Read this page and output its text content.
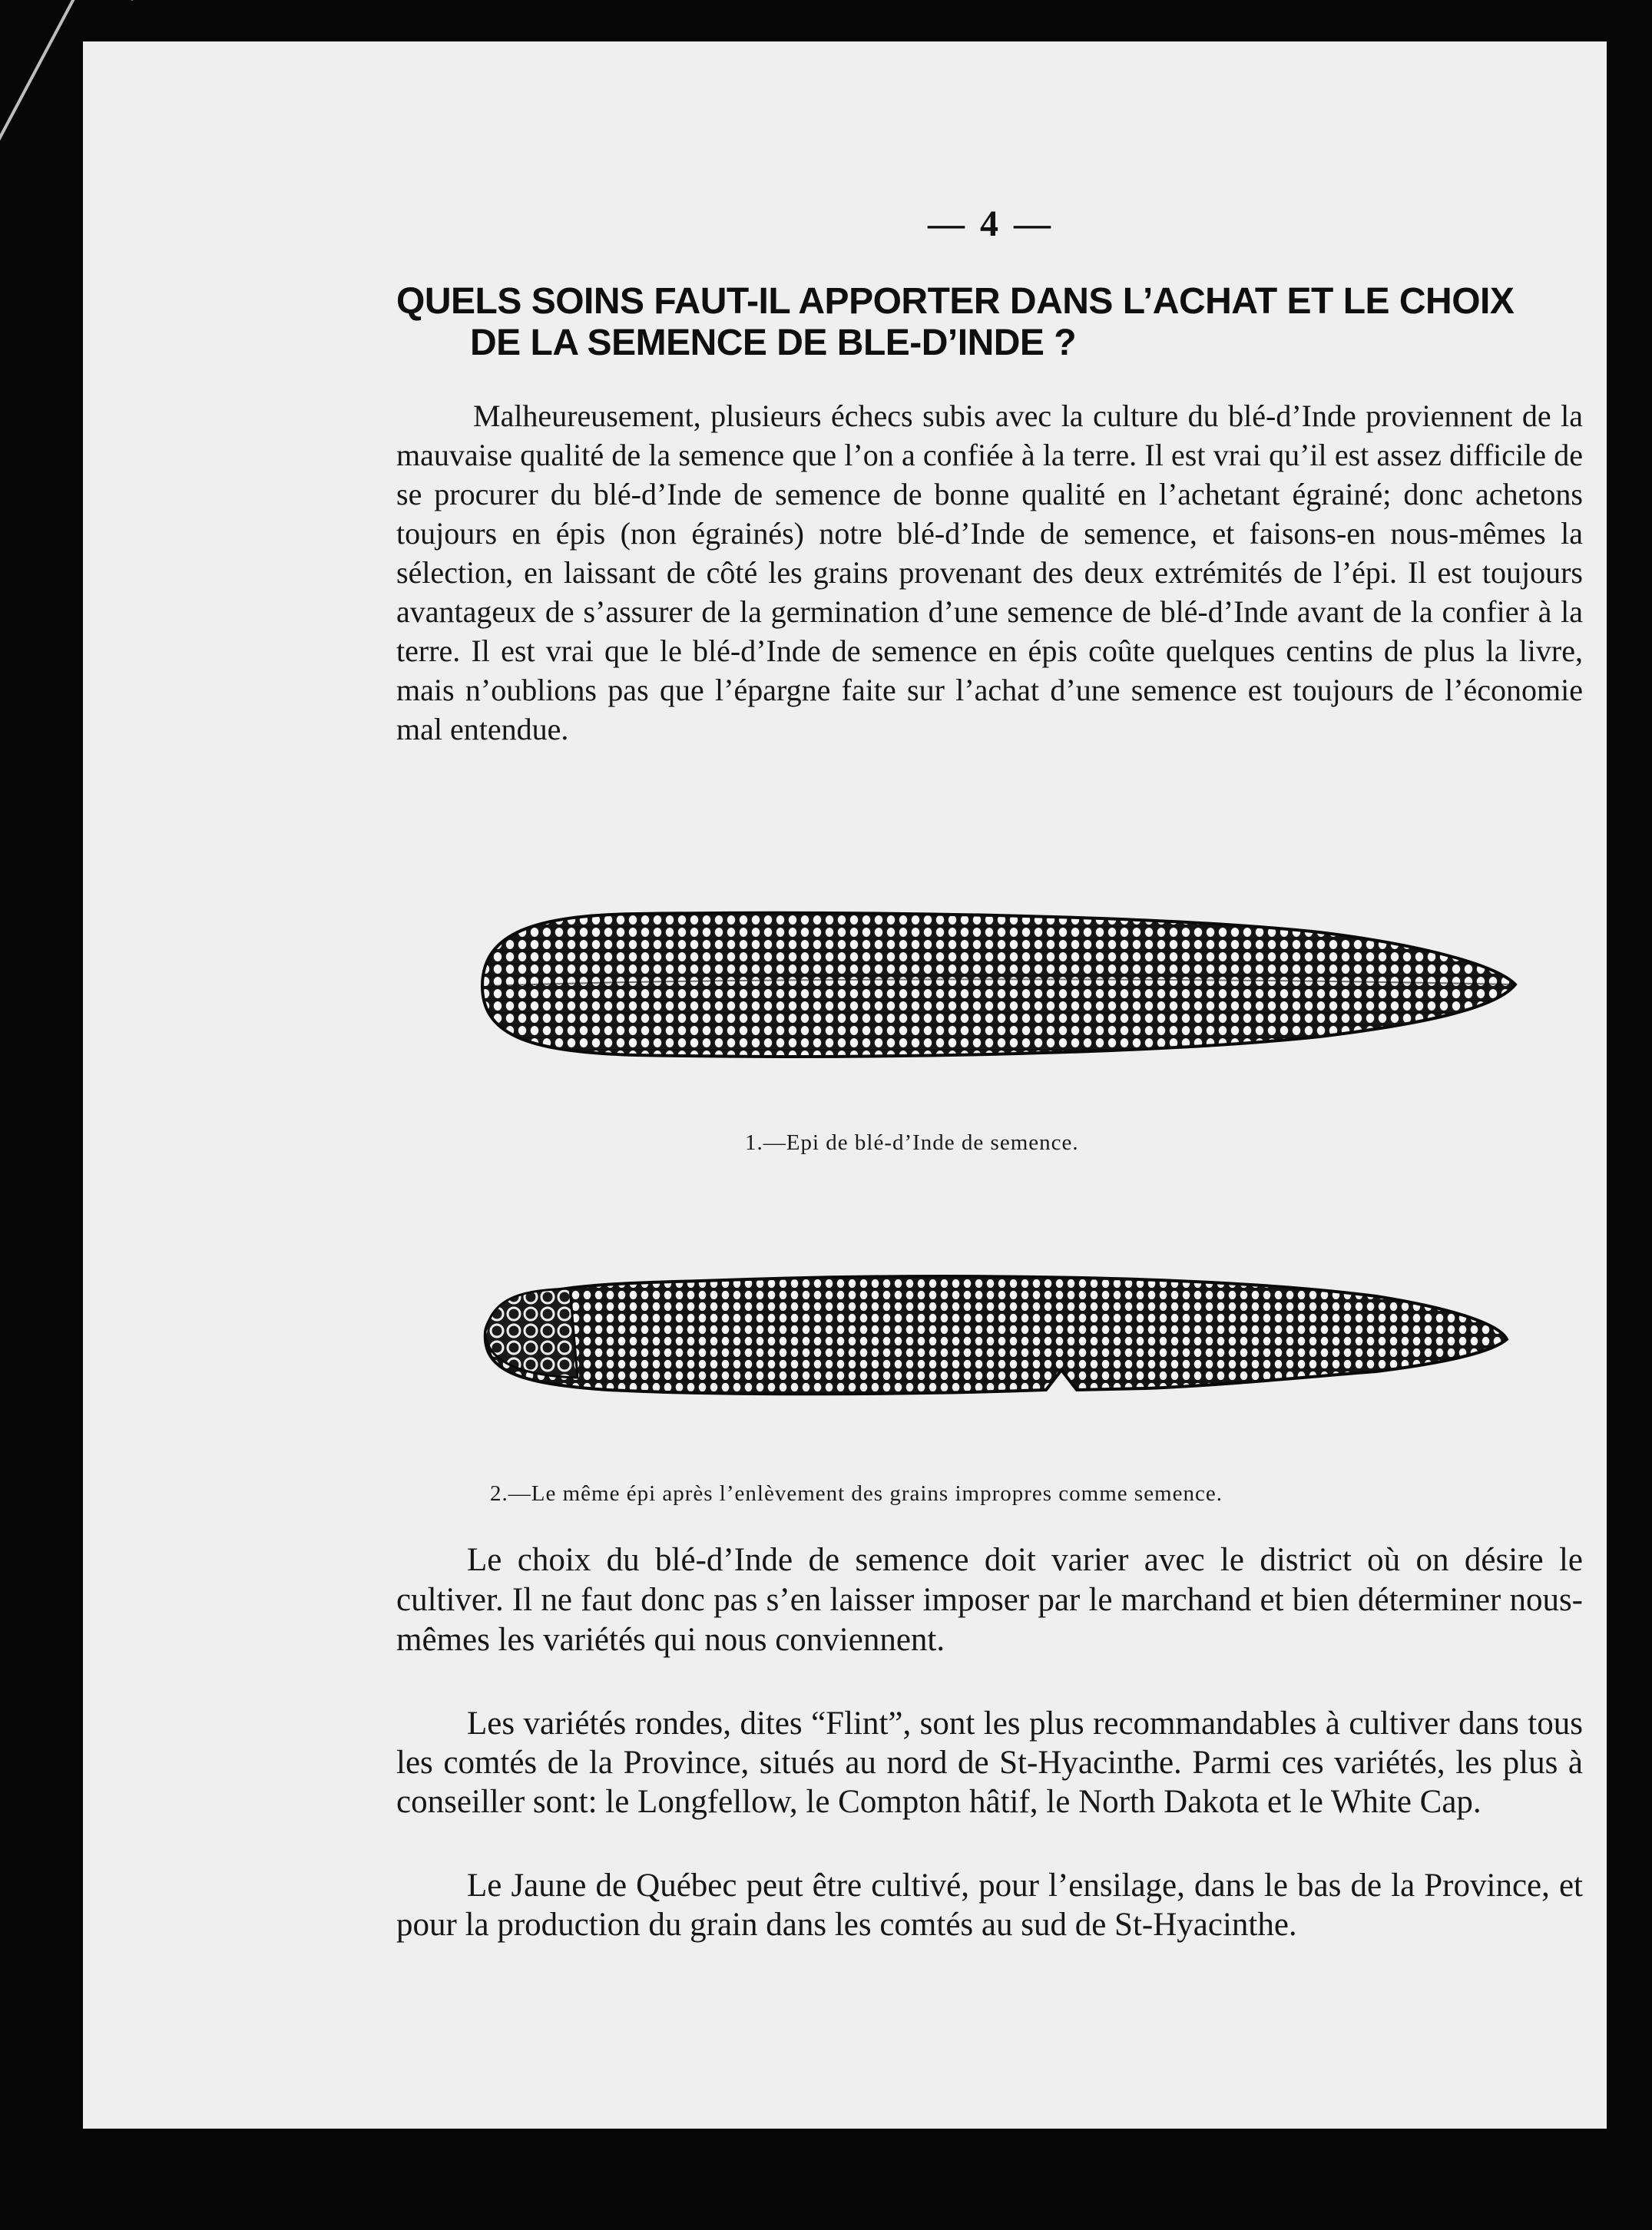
— 4 —
QUELS SOINS FAUT-IL APPORTER DANS L’ACHAT ET LE CHOIX
DE LA SEMENCE DE BLE-D’INDE ?

Malheureusement, plusieurs échecs subis avec la culture du blé-d’Inde proviennent de la mauvaise qualité de la semence que l’on a confiée à la terre. Il est vrai qu’il est assez difficile de se procurer du blé-d’Inde de semence de bonne qualité en l’achetant égrainé; donc achetons toujours en épis (non égrainés) notre blé-d’Inde de semence, et faisons-en nous-mêmes la sélection, en laissant de côté les grains provenant des deux extrémités de l’épi. Il est toujours avantageux de s’assurer de la germination d’une semence de blé-d’Inde avant de la confier à la terre. Il est vrai que le blé-d’Inde de semence en épis coûte quelques centins de plus la livre, mais n’oublions pas que l’épargne faite sur l’achat d’une semence est toujours de l’économie mal entendue.

1.—Epi de blé-d’Inde de semence.
2.—Le même épi après l’enlèvement des grains impropres comme semence.

Le choix du blé-d’Inde de semence doit varier avec le district où on désire le cultiver. Il ne faut donc pas s’en laisser imposer par le marchand et bien déterminer nous-mêmes les variétés qui nous conviennent.

Les variétés rondes, dites “Flint”, sont les plus recommandables à cultiver dans tous les comtés de la Province, situés au nord de St-Hyacinthe. Parmi ces variétés, les plus à conseiller sont: le Longfellow, le Compton hâtif, le North Dakota et le White Cap.

Le Jaune de Québec peut être cultivé, pour l’ensilage, dans le bas de la Province, et pour la production du grain dans les comtés au sud de St-Hyacinthe.
